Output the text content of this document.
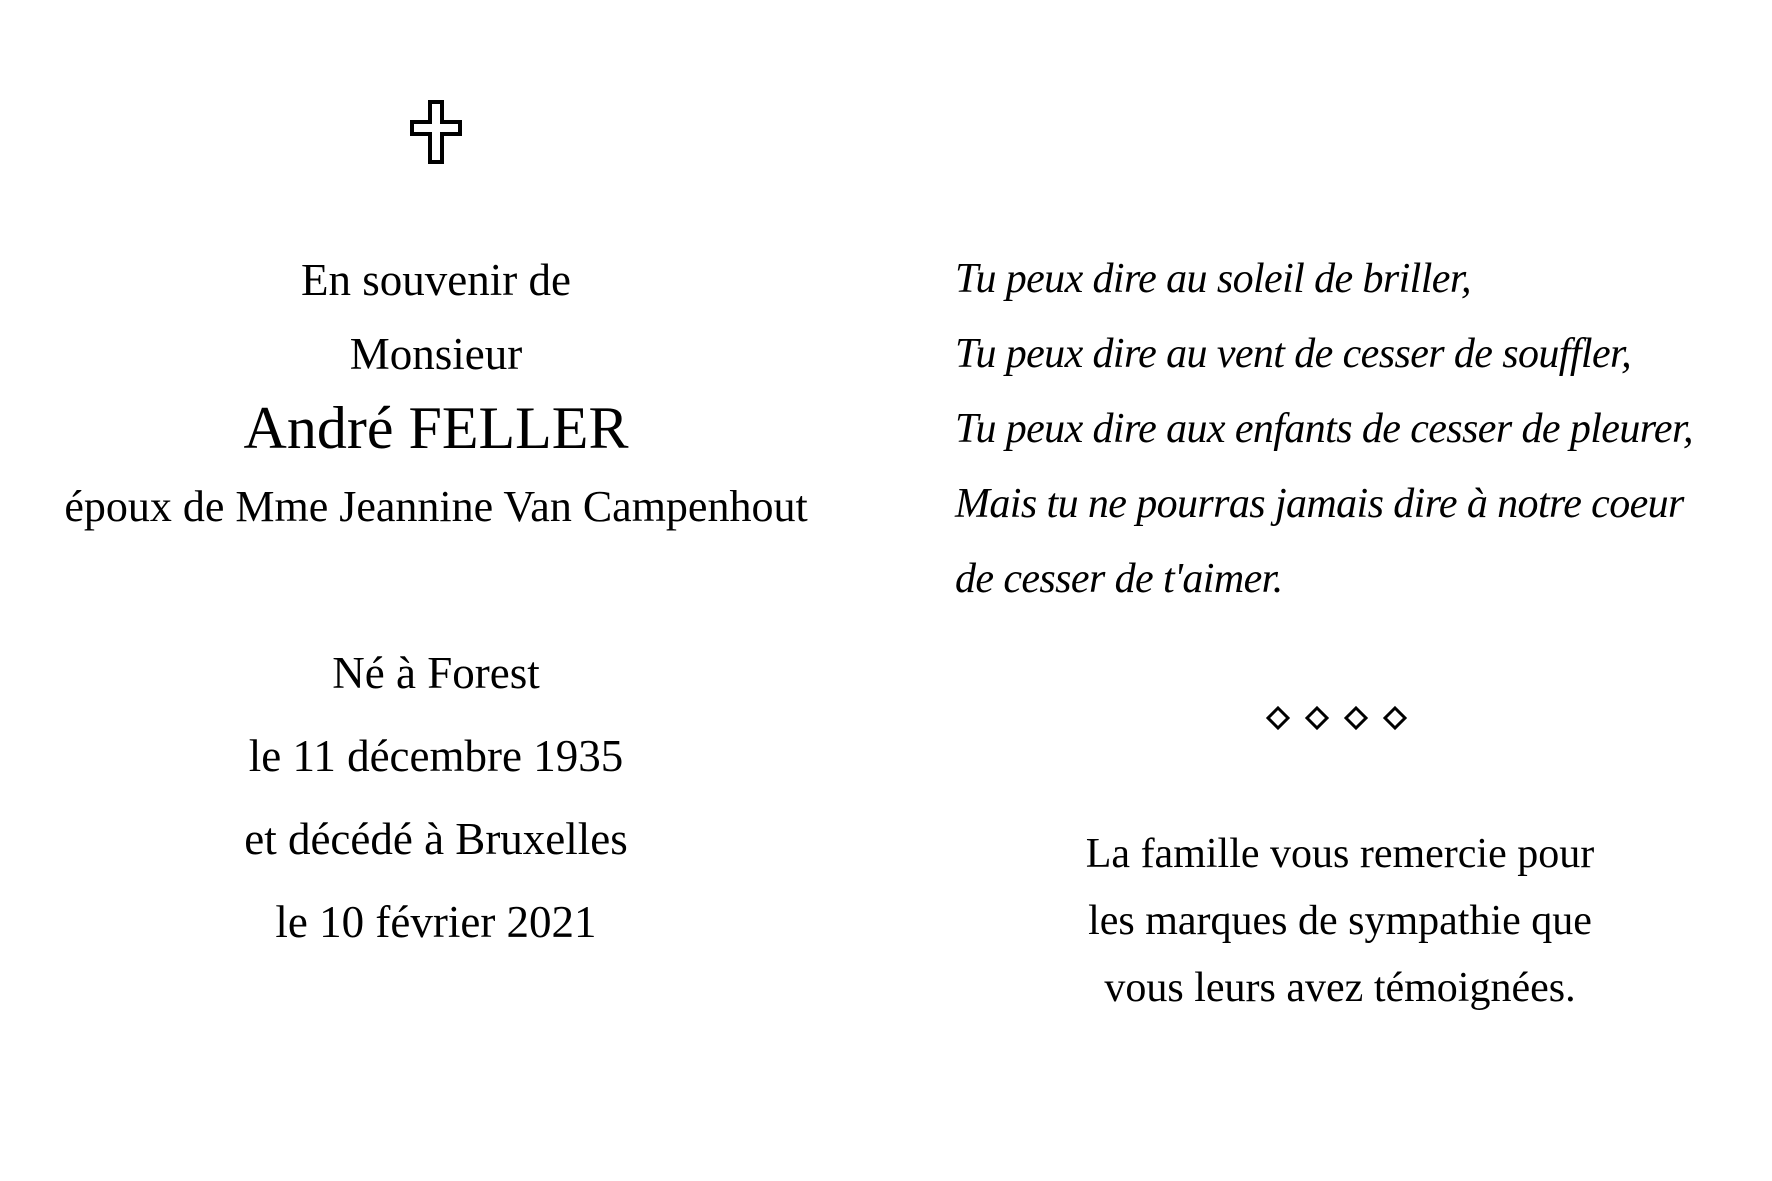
En souvenir de
Monsieur
André FELLER
époux de Mme Jeannine Van Campenhout
Né à Forest
le 11 décembre 1935
et décédé à Bruxelles
le 10 février 2021
Tu peux dire au soleil de briller,
Tu peux dire au vent de cesser de souffler,
Tu peux dire aux enfants de cesser de pleurer,
Mais tu ne pourras jamais dire à notre coeur
de cesser de t'aimer.
La famille vous remercie pour
les marques de sympathie que
vous leurs avez témoignées.
